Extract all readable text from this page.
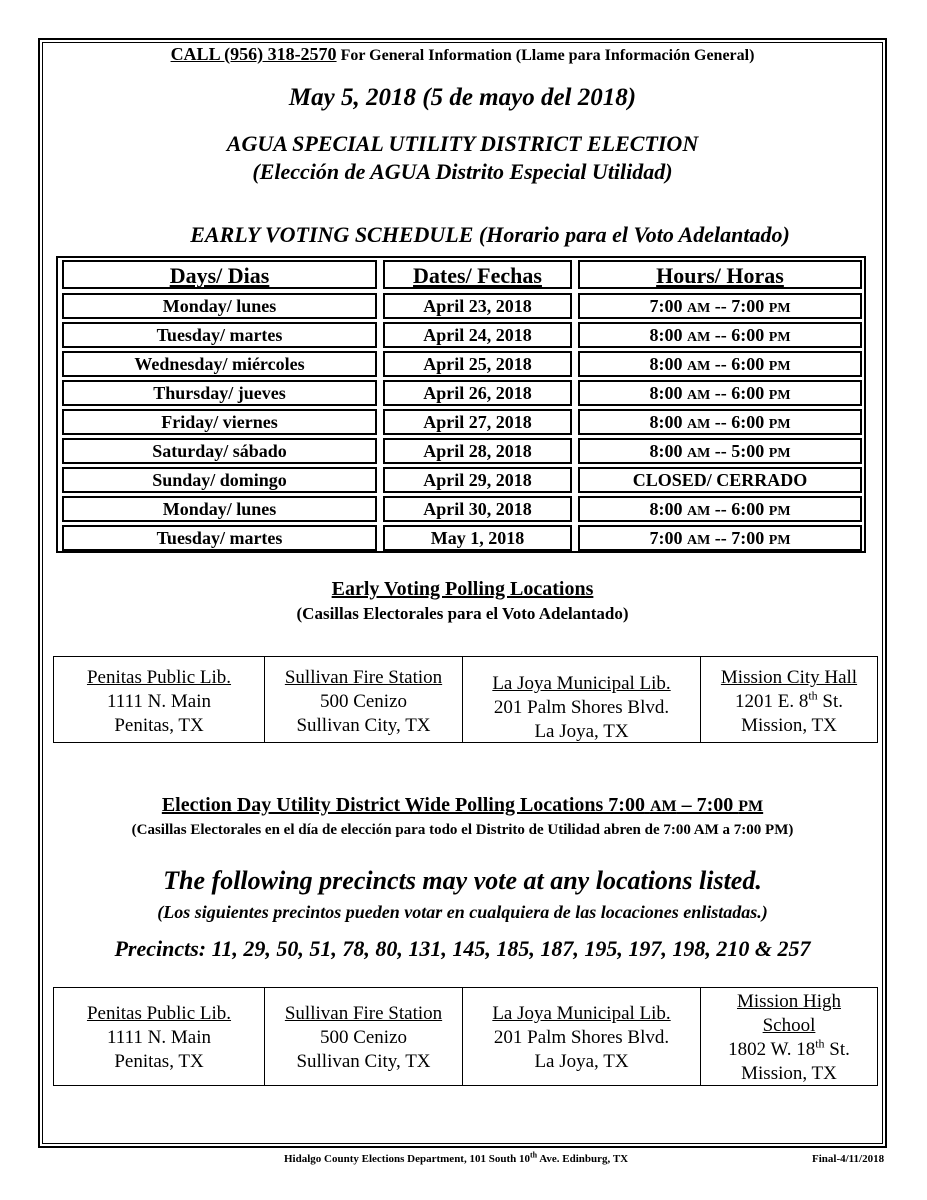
CALL (956) 318-2570 For General Information (Llame para Información General)
May 5, 2018 (5 de mayo del 2018)
AGUA SPECIAL UTILITY DISTRICT ELECTION
(Elección de AGUA Distrito Especial Utilidad)
EARLY VOTING SCHEDULE (Horario para el Voto Adelantado)
Days/ Dias	Dates/ Fechas	Hours/ Horas
Monday/ lunes	April 23, 2018	7:00 AM -- 7:00 PM
Tuesday/ martes	April 24, 2018	8:00 AM -- 6:00 PM
Wednesday/ miércoles	April 25, 2018	8:00 AM -- 6:00 PM
Thursday/ jueves	April 26, 2018	8:00 AM -- 6:00 PM
Friday/ viernes	April 27, 2018	8:00 AM -- 6:00 PM
Saturday/ sábado	April 28, 2018	8:00 AM -- 5:00 PM
Sunday/ domingo	April 29, 2018	CLOSED/ CERRADO
Monday/ lunes	April 30, 2018	8:00 AM -- 6:00 PM
Tuesday/ martes	May 1, 2018	7:00 AM -- 7:00 PM
Early Voting Polling Locations
(Casillas Electorales para el Voto Adelantado)
Penitas Public Lib.
1111 N. Main
Penitas, TX
Sullivan Fire Station
500 Cenizo
Sullivan City, TX
La Joya Municipal Lib.
201 Palm Shores Blvd.
La Joya, TX
Mission City Hall
1201 E. 8th St.
Mission, TX
Election Day Utility District Wide Polling Locations 7:00 AM – 7:00 PM
(Casillas Electorales en el día de elección para todo el Distrito de Utilidad abren de 7:00 AM a 7:00 PM)
The following precincts may vote at any locations listed.
(Los siguientes precintos pueden votar en cualquiera de las locaciones enlistadas.)
Precincts: 11, 29, 50, 51, 78, 80, 131, 145, 185, 187, 195, 197, 198, 210 & 257
Penitas Public Lib.
1111 N. Main
Penitas, TX
Sullivan Fire Station
500 Cenizo
Sullivan City, TX
La Joya Municipal Lib.
201 Palm Shores Blvd.
La Joya, TX
Mission High
School
1802 W. 18th St.
Mission, TX
Hidalgo County Elections Department, 101 South 10th Ave. Edinburg, TX	Final-4/11/2018
